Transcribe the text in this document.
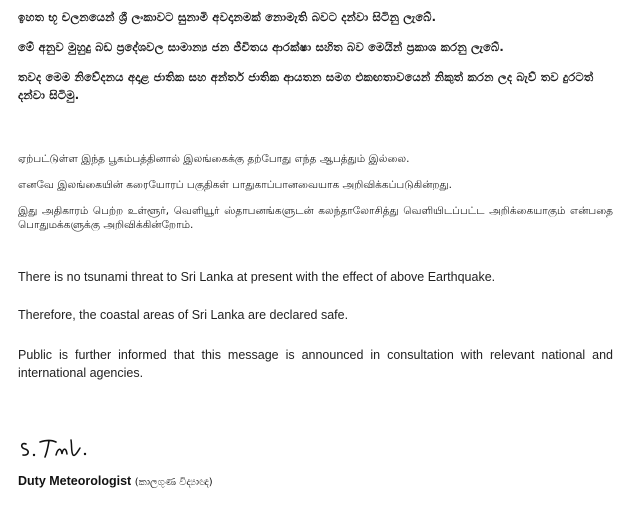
ඉහත භූ චලනයෙන් ශ්‍රී ලංකාවට සුනාමි අවදානමක් නොමැති බවට දන්වා සිටිනු ලැබේ.

මේ අනුව මුහුදු බඩ ප්‍රදේශවල සාමාන්‍ය ජන ජීවිතය ආරක්ෂා සහිත බව මෙයින් ප්‍රකාශ කරනු ලැබේ.

තවද මෙම නිවේදනය අදාළ ජාතික සහ අන්තර් ජාතික ආයතන සමග එකඟතාවයෙන් නිකුත් කරන ලද බැව් තව දුරටත් දන්වා සිටිමු.

ஏற்பட்டுள்ள இந்த பூகம்பத்தினால் இலங்கைக்கு தற்போது எந்த ஆபத்தும் இல்லை.

எனவே இலங்கையின் கரையோரப் பகுதிகள் பாதுகாப்பானவையாக அறிவிக்கப்படுகின்றது.

இது அதிகாரம் பெற்ற உள்ளூர், வெளியூர் ஸ்தாபனங்களுடன் கலந்தாலோசித்து வெளியிடப்பட்ட அறிக்கையாகும் என்பதை பொதுமக்களுக்கு அறிவிக்கின்றோம்.

There is no tsunami threat to Sri Lanka at present with the effect of above Earthquake.

Therefore, the coastal areas of Sri Lanka are declared safe.

Public is further informed that this message is announced in consultation with relevant national and international agencies.

Duty Meteorologist (කාලගුණ විද්‍යාඥ)
